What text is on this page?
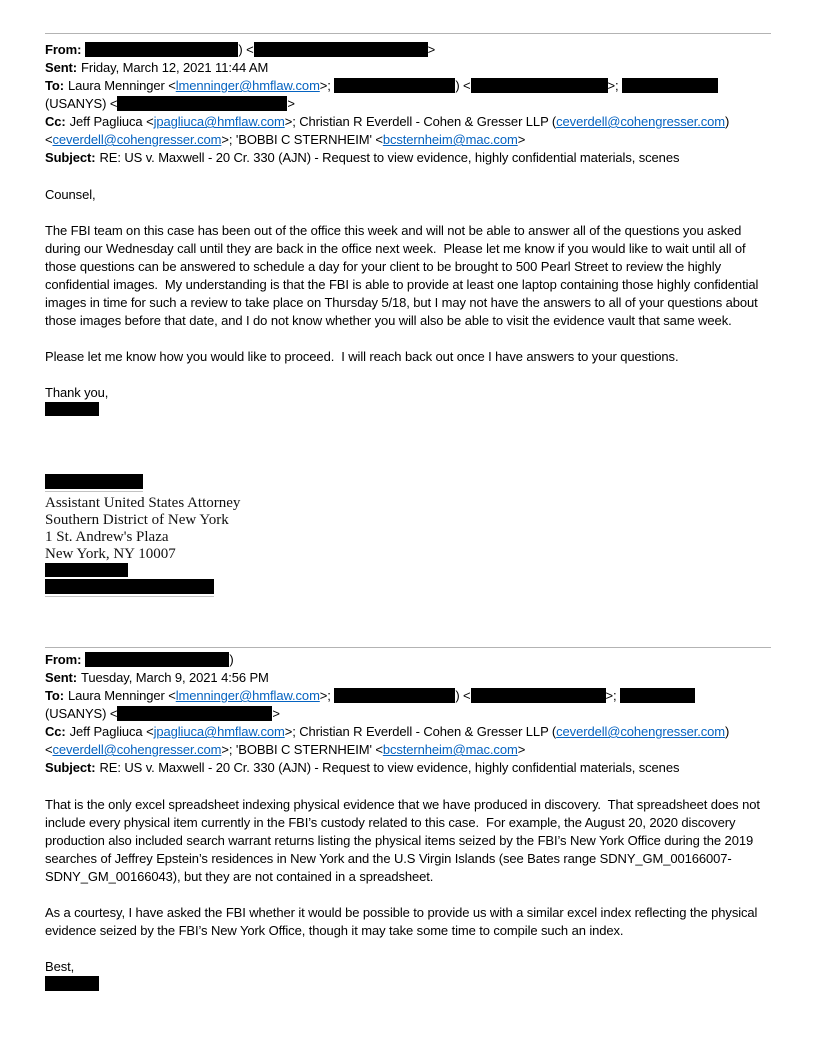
From:	) <	>
Sent: Friday, March 12, 2021 11:44 AM
To: Laura Menninger <lmenninger@hmflaw.com>;	) <	>;
(USANYS) <	>
Cc: Jeff Pagliuca <jpagliuca@hmflaw.com>; Christian R Everdell - Cohen & Gresser LLP (ceverdell@cohengresser.com)
<ceverdell@cohengresser.com>; 'BOBBI C STERNHEIM' <bcsternheim@mac.com>
Subject: RE: US v. Maxwell - 20 Cr. 330 (AJN) - Request to view evidence, highly confidential materials, scenes
Counsel,
The FBI team on this case has been out of the office this week and will not be able to answer all of the questions you asked during our Wednesday call until they are back in the office next week.  Please let me know if you would like to wait until all of those questions can be answered to schedule a day for your client to be brought to 500 Pearl Street to review the highly confidential images.  My understanding is that the FBI is able to provide at least one laptop containing those highly confidential images in time for such a review to take place on Thursday 5/18, but I may not have the answers to all of your questions about those images before that date, and I do not know whether you will also be able to visit the evidence vault that same week.
Please let me know how you would like to proceed.  I will reach back out once I have answers to your questions.
Thank you,
Assistant United States Attorney
Southern District of New York
1 St. Andrew's Plaza
New York, NY 10007
From:	)
Sent: Tuesday, March 9, 2021 4:56 PM
To: Laura Menninger <lmenninger@hmflaw.com>;	) <	>;
(USANYS) <	>
Cc: Jeff Pagliuca <jpagliuca@hmflaw.com>; Christian R Everdell - Cohen & Gresser LLP (ceverdell@cohengresser.com)
<ceverdell@cohengresser.com>; 'BOBBI C STERNHEIM' <bcsternheim@mac.com>
Subject: RE: US v. Maxwell - 20 Cr. 330 (AJN) - Request to view evidence, highly confidential materials, scenes
That is the only excel spreadsheet indexing physical evidence that we have produced in discovery.  That spreadsheet does not include every physical item currently in the FBI’s custody related to this case.  For example, the August 20, 2020 discovery production also included search warrant returns listing the physical items seized by the FBI’s New York Office during the 2019 searches of Jeffrey Epstein’s residences in New York and the U.S Virgin Islands (see Bates range SDNY_GM_00166007-SDNY_GM_00166043), but they are not contained in a spreadsheet.
As a courtesy, I have asked the FBI whether it would be possible to provide us with a similar excel index reflecting the physical evidence seized by the FBI’s New York Office, though it may take some time to compile such an index.
Best,
